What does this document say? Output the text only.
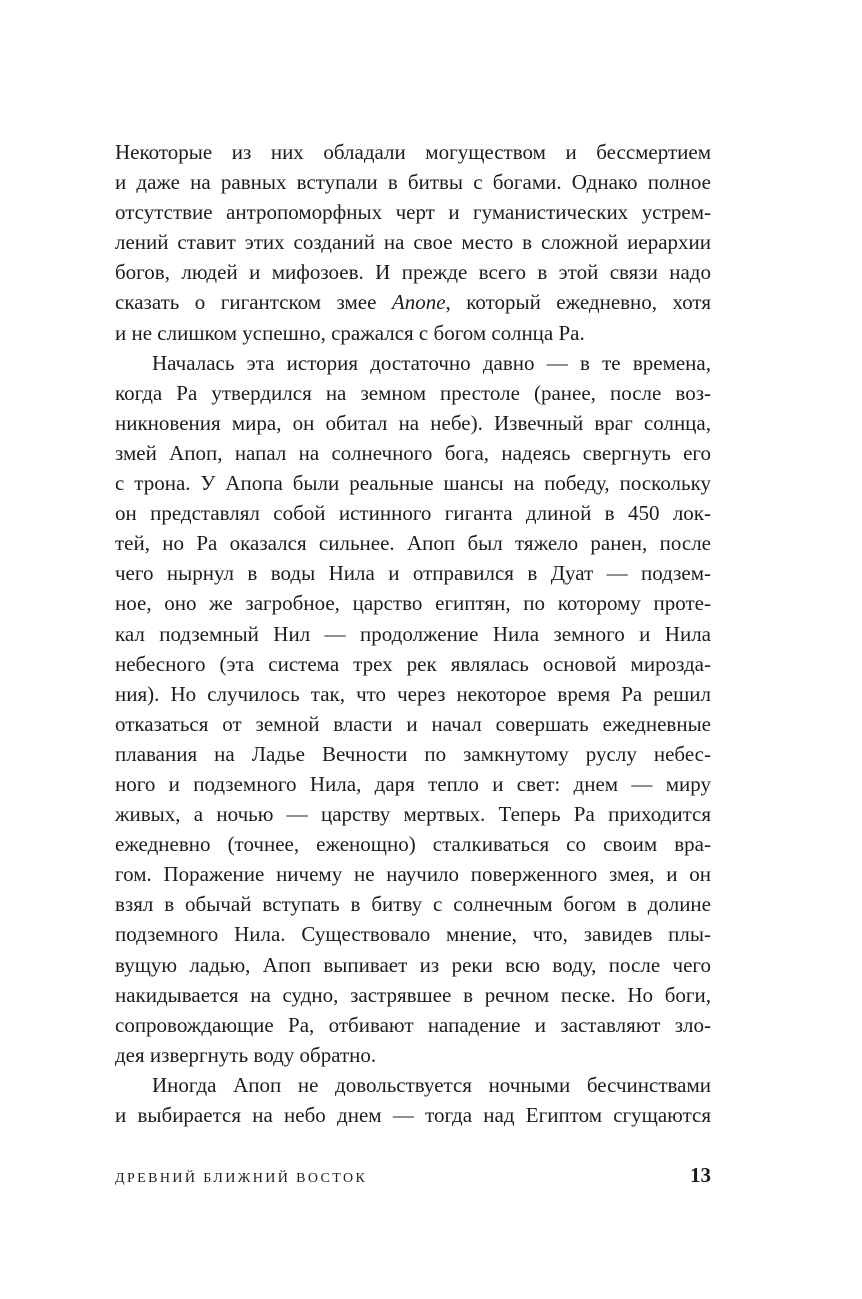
Некоторые из них обладали могуществом и бессмертием
и даже на равных вступали в битвы с богами. Однако полное
отсутствие антропоморфных черт и гуманистических устрем-
лений ставит этих созданий на свое место в сложной иерархии
богов, людей и мифозоев. И прежде всего в этой связи надо
сказать о гигантском змее Апопе, который ежедневно, хотя
и не слишком успешно, сражался с богом солнца Ра.
Началась эта история достаточно давно — в те времена,
когда Ра утвердился на земном престоле (ранее, после воз-
никновения мира, он обитал на небе). Извечный враг солнца,
змей Апоп, напал на солнечного бога, надеясь свергнуть его
с трона. У Апопа были реальные шансы на победу, поскольку
он представлял собой истинного гиганта длиной в 450 лок-
тей, но Ра оказался сильнее. Апоп был тяжело ранен, после
чего нырнул в воды Нила и отправился в Дуат — подзем-
ное, оно же загробное, царство египтян, по которому проте-
кал подземный Нил — продолжение Нила земного и Нила
небесного (эта система трех рек являлась основой мирозда-
ния). Но случилось так, что через некоторое время Ра решил
отказаться от земной власти и начал совершать ежедневные
плавания на Ладье Вечности по замкнутому руслу небес-
ного и подземного Нила, даря тепло и свет: днем — миру
живых, а ночью — царству мертвых. Теперь Ра приходится
ежедневно (точнее, еженощно) сталкиваться со своим вра-
гом. Поражение ничему не научило поверженного змея, и он
взял в обычай вступать в битву с солнечным богом в долине
подземного Нила. Существовало мнение, что, завидев плы-
вущую ладью, Апоп выпивает из реки всю воду, после чего
накидывается на судно, застрявшее в речном песке. Но боги,
сопровождающие Ра, отбивают нападение и заставляют зло-
дея извергнуть воду обратно.
Иногда Апоп не довольствуется ночными бесчинствами
и выбирается на небо днем — тогда над Египтом сгущаются
ДРЕВНИЙ БЛИЖНИЙ ВОСТОК	13
